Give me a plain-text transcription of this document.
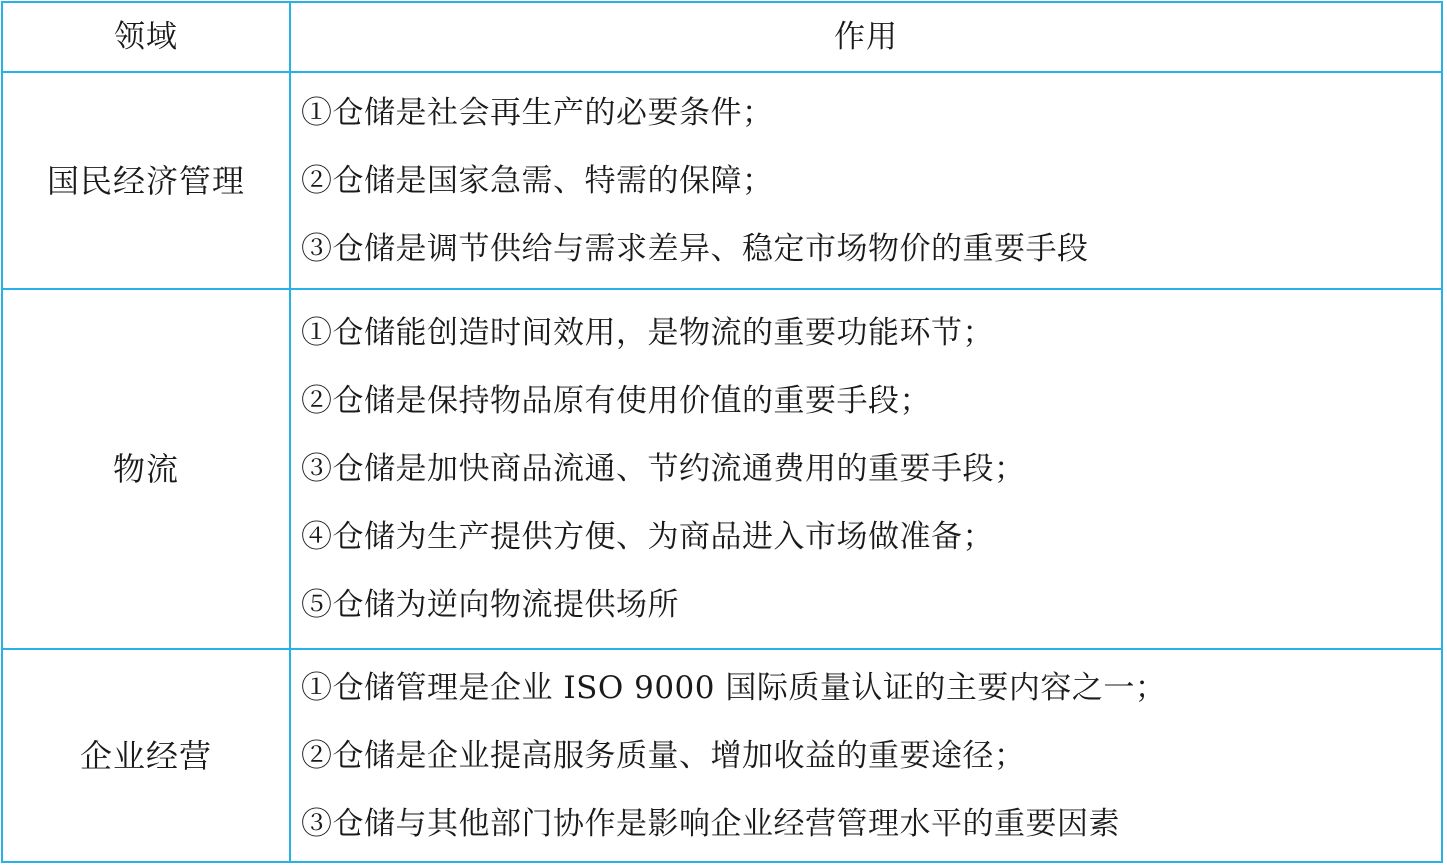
领域	作用
国民经济管理
①仓储是社会再生产的必要条件；
②仓储是国家急需、特需的保障；
③仓储是调节供给与需求差异、稳定市场物价的重要手段
物流
①仓储能创造时间效用，是物流的重要功能环节；
②仓储是保持物品原有使用价值的重要手段；
③仓储是加快商品流通、节约流通费用的重要手段；
④仓储为生产提供方便、为商品进入市场做准备；
⑤仓储为逆向物流提供场所
企业经营
①仓储管理是企业 ISO 9000 国际质量认证的主要内容之一；
②仓储是企业提高服务质量、增加收益的重要途径；
③仓储与其他部门协作是影响企业经营管理水平的重要因素
